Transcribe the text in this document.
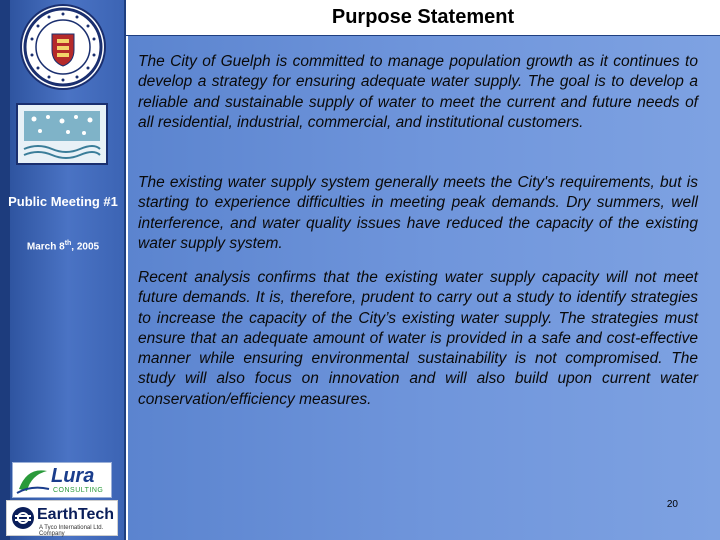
Public Meeting #1

March 8th, 2005

Lura

CONSULTING

EarthTech

A Tyco International Ltd. Company

Purpose Statement

The City of Guelph is committed to manage population growth as it continues to develop a strategy for ensuring adequate water supply. The goal is to develop a reliable and sustainable supply of water to meet the current and future needs of all residential, industrial, commercial, and institutional customers.

The existing water supply system generally meets the City's requirements, but is starting to experience difficulties in meeting peak demands. Dry summers, well interference, and water quality issues have reduced the capacity of the existing water supply system.

Recent analysis confirms that the existing water supply capacity will not meet future demands. It is, therefore, prudent to carry out a study to identify strategies to increase the capacity of the City’s existing water supply. The strategies must ensure that an adequate amount of water is provided in a safe and cost-effective manner while ensuring environmental sustainability is not compromised. The study will also focus on innovation and will also build upon current water conservation/efficiency measures.

20
